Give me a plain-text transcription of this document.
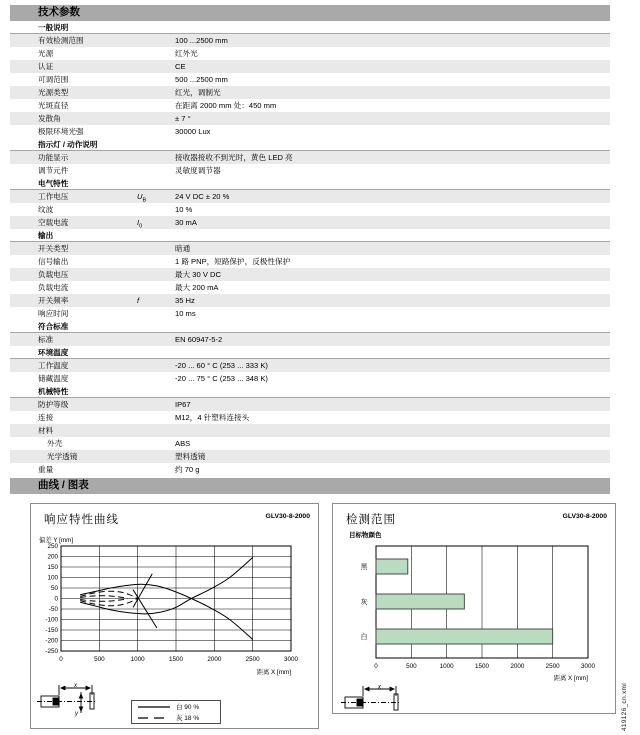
技术参数
一般说明
有效检测范围	100 ...2500 mm
光源	红外光
认证	CE
可调范围	500 ...2500 mm
光源类型	红光，调制光
光斑直径	在距离 2000 mm 处：450 mm
发散角	± 7 °
极限环境光强	30000 Lux
指示灯 / 动作说明
功能显示	接收器接收不到光时，黄色 LED 亮
调节元件	灵敏度调节器
电气特性
工作电压	$U_B$	24 V DC ± 20 %
纹波	10 %
空载电流	$I_0$	30 mA
输出
开关类型	暗通
信号输出	1 路 PNP，短路保护，反极性保护
负载电压	最大 30 V DC
负载电流	最大 200 mA
开关频率	f	35 Hz
响应时间	10 ms
符合标准
标准	EN 60947-5-2
环境温度
工作温度	-20 ... 60 ° C (253 ... 333 K)
储藏温度	-20 ... 75 ° C (253 ... 348 K)
机械特性
防护等级	IP67
连接	M12，4 针塑料连接头
材料
外壳	ABS
光学透镜	塑料透镜
重量	约 70 g
曲线 / 图表
偏差 Y [mm]
-250
-200
-150
-100
-50
0
50
100
150
200
250
0	500	1000	1500	2000	2500	3000
距离 X [mm]
响应特性曲线	GLV30-8-2000
x
y
白 90 %
灰 18 %
目标物颜色
0	500	1000	1500	2000	2500	3000
黑
灰
白
距离 X [mm]
检测范围	GLV30-8-2000
x	419126_cn.xml
